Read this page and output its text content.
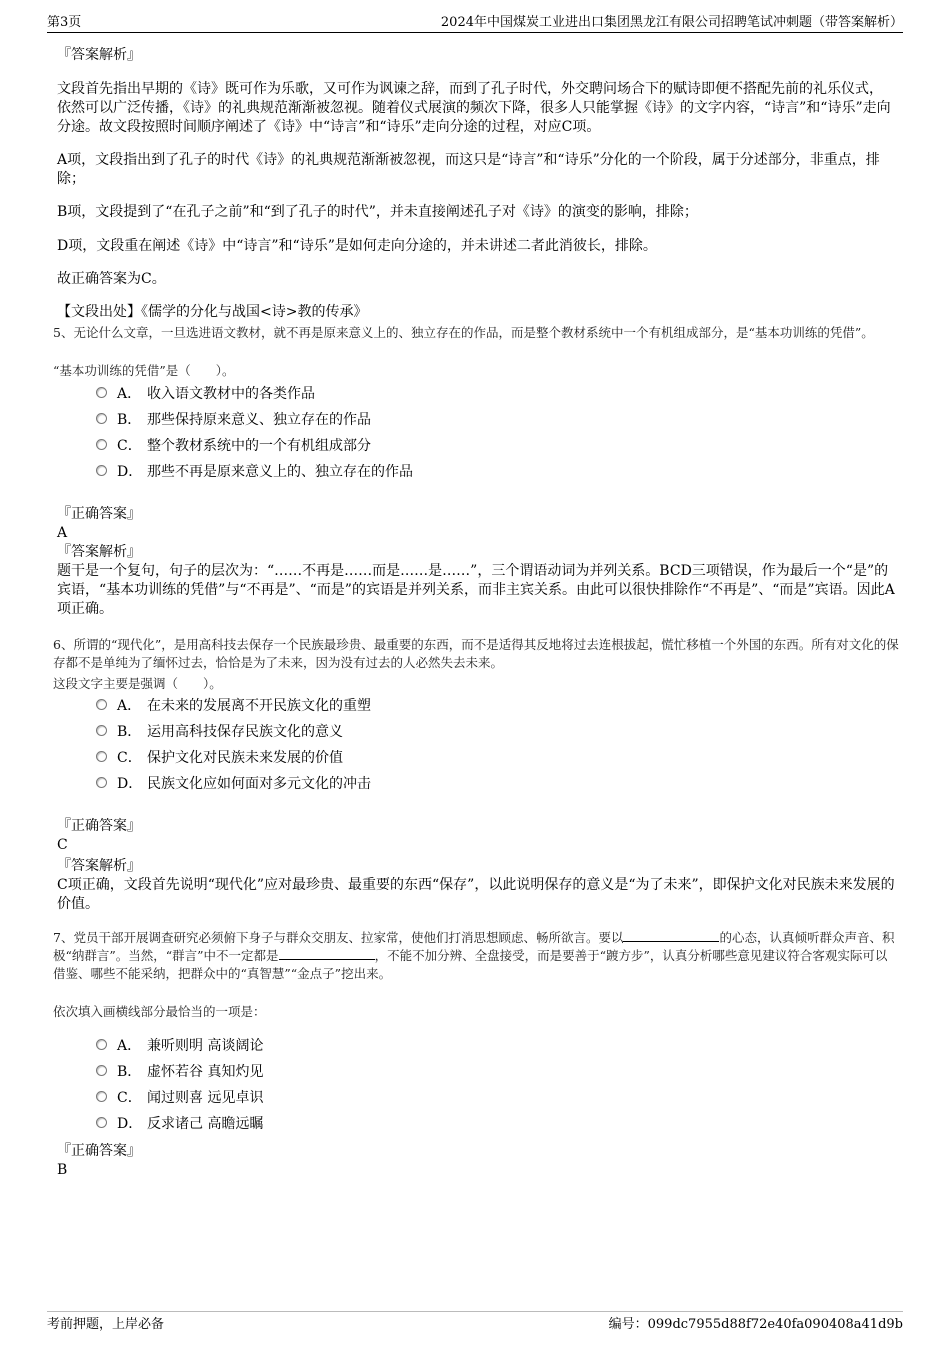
第3页	2024年中国煤炭工业进出口集团黑龙江有限公司招聘笔试冲刺题（带答案解析）
『答案解析』
文段首先指出早期的《诗》既可作为乐歌，又可作为讽谏之辞，而到了孔子时代，外交聘问场合下的赋诗即便不搭配先前的礼乐仪式，依然可以广泛传播，《诗》的礼典规范渐渐被忽视。随着仪式展演的频次下降，很多人只能掌握《诗》的文字内容，“诗言”和“诗乐”走向分途。故文段按照时间顺序阐述了《诗》中“诗言”和“诗乐”走向分途的过程，对应C项。
A项，文段指出到了孔子的时代《诗》的礼典规范渐渐被忽视，而这只是“诗言”和“诗乐”分化的一个阶段，属于分述部分，非重点，排除；
B项，文段提到了“在孔子之前”和“到了孔子的时代”，并未直接阐述孔子对《诗》的演变的影响，排除；
D项，文段重在阐述《诗》中“诗言”和“诗乐”是如何走向分途的，并未讲述二者此消彼长，排除。
故正确答案为C。
【文段出处】《儒学的分化与战国<诗>教的传承》
5、无论什么文章，一旦选进语文教材，就不再是原来意义上的、独立存在的作品，而是整个教材系统中一个有机组成部分，是“基本功训练的凭借”。
“基本功训练的凭借”是（　　）。
A． 收入语文教材中的各类作品
B． 那些保持原来意义、独立存在的作品
C． 整个教材系统中的一个有机组成部分
D． 那些不再是原来意义上的、独立存在的作品
『正确答案』
A
『答案解析』
题干是一个复句，句子的层次为：“……不再是……而是……是……”，三个谓语动词为并列关系。BCD三项错误，作为最后一个“是”的宾语，“基本功训练的凭借”与“不再是”、“而是”的宾语是并列关系，而非主宾关系。由此可以很快排除作“不再是”、“而是”宾语。因此A项正确。
6、所谓的“现代化”，是用高科技去保存一个民族最珍贵、最重要的东西，而不是适得其反地将过去连根拔起，慌忙移植一个外国的东西。所有对文化的保存都不是单纯为了缅怀过去，恰恰是为了未来，因为没有过去的人必然失去未来。
这段文字主要是强调（　　）。
A． 在未来的发展离不开民族文化的重塑
B． 运用高科技保存民族文化的意义
C． 保护文化对民族未来发展的价值
D． 民族文化应如何面对多元文化的冲击
『正确答案』
C
『答案解析』
C项正确，文段首先说明“现代化”应对最珍贵、最重要的东西“保存”，以此说明保存的意义是“为了未来”，即保护文化对民族未来发展的价值。
7、党员干部开展调查研究必须俯下身子与群众交朋友、拉家常，使他们打消思想顾虑、畅所欲言。要以	的心态，认真倾听群众声音、积极“纳群言”。当然，“群言”中不一定都是	，不能不加分辨、全盘接受，而是要善于“踱方步”，认真分析哪些意见建议符合客观实际可以借鉴、哪些不能采纳，把群众中的“真智慧”“金点子”挖出来。
依次填入画横线部分最恰当的一项是：
A． 兼听则明 高谈阔论
B． 虚怀若谷 真知灼见
C． 闻过则喜 远见卓识
D． 反求诸己 高瞻远瞩
『正确答案』
B
考前押题，上岸必备	编号：099dc7955d88f72e40fa090408a41d9b
